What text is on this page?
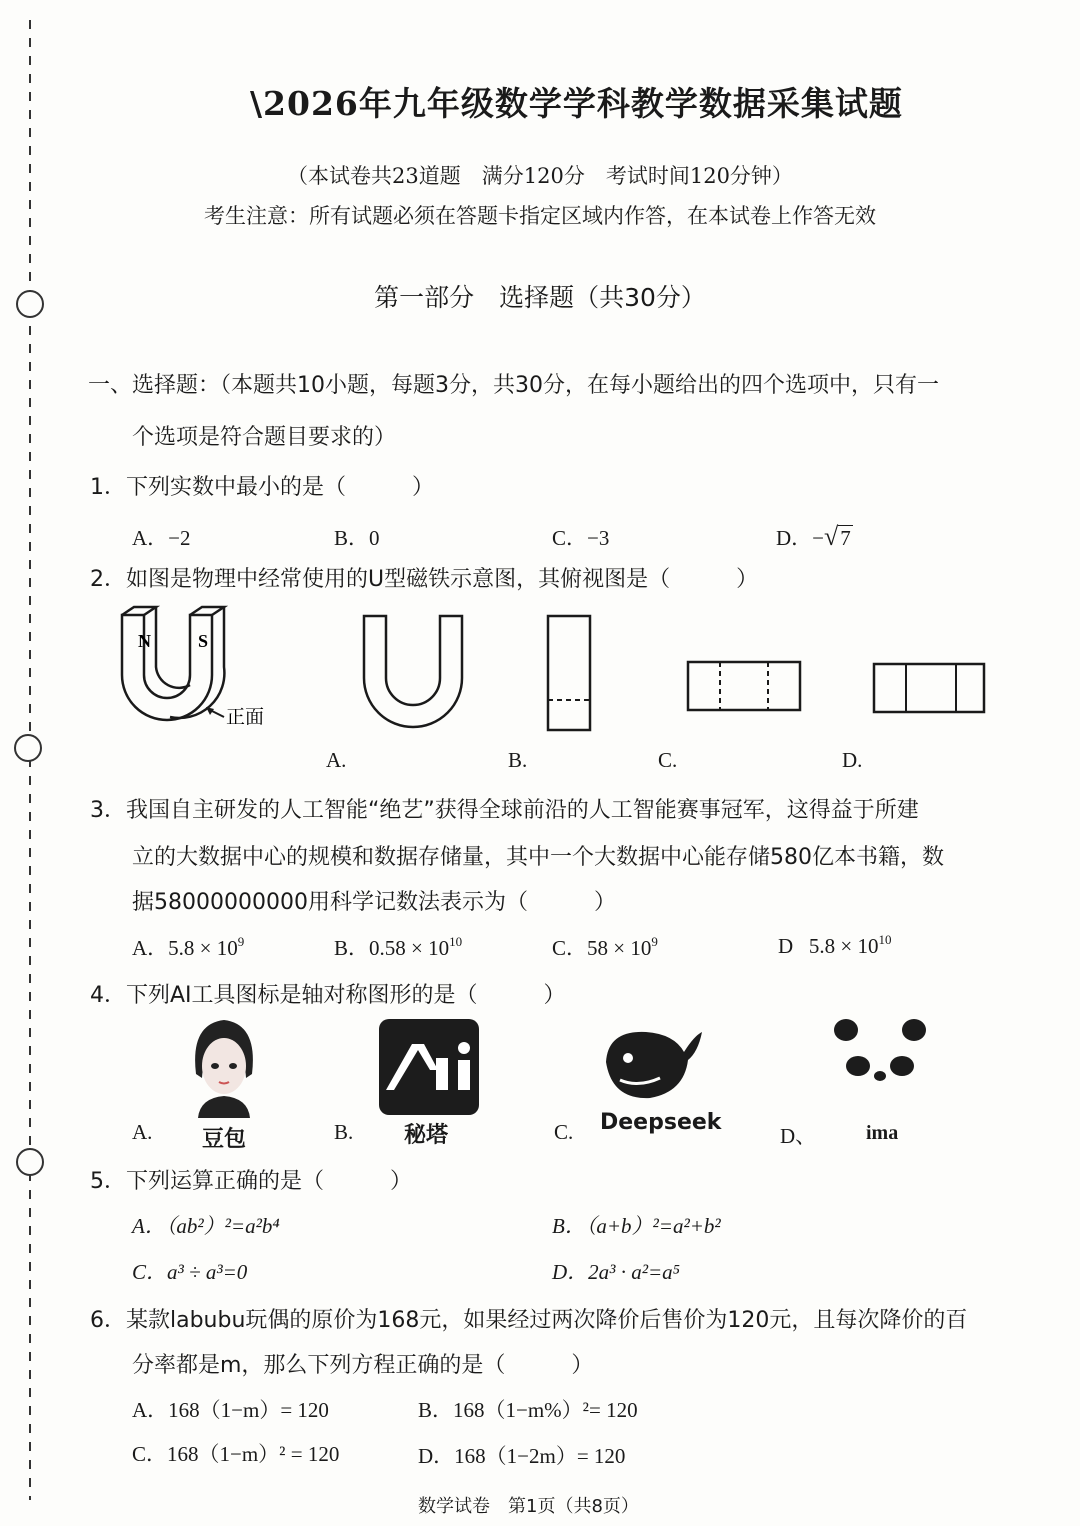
\2026年九年级数学学科教学数据采集试题
（本试卷共23道题　满分120分　考试时间120分钟）
考生注意：所有试题必须在答题卡指定区域内作答，在本试卷上作答无效
第一部分　选择题（共30分）
一、选择题：（本题共10小题，每题3分，共30分，在每小题给出的四个选项中，只有一
个选项是符合题目要求的）
1．下列实数中最小的是（　　　）
A．−2	B．0	C．−3	D．−√7
2．如图是物理中经常使用的U型磁铁示意图，其俯视图是（　　　）
N	S
正面
A.	B.	C.	D.
3．我国自主研发的人工智能“绝艺”获得全球前沿的人工智能赛事冠军，这得益于所建
立的大数据中心的规模和数据存储量，其中一个大数据中心能存储580亿本书籍，数
据58000000000用科学记数法表示为（　　　）
A．$5.8 \times 10^9$	B．$0.58 \times 10^{10}$	C．$58 \times 10^9$	D $5.8 \times 10^{10}$
4．下列AI工具图标是轴对称图形的是（　　　）
A. 豆包	B. 秘塔	C. Deepseek
D、 ima
5．下列运算正确的是（　　　）
A．（ab²）²=a²b⁴	B．（a+b）²=a²+b²
C．a³ ÷ a³=0	D．2a³ · a²=a⁵
6．某款labubu玩偶的原价为168元，如果经过两次降价后售价为120元，且每次降价的百
分率都是m，那么下列方程正确的是（　　　）
A．168（1−m）= 120	B．168（1−m%）²= 120
C．168（1−m）² = 120	D．168（1−2m）= 120
数学试卷　第1页（共8页）
